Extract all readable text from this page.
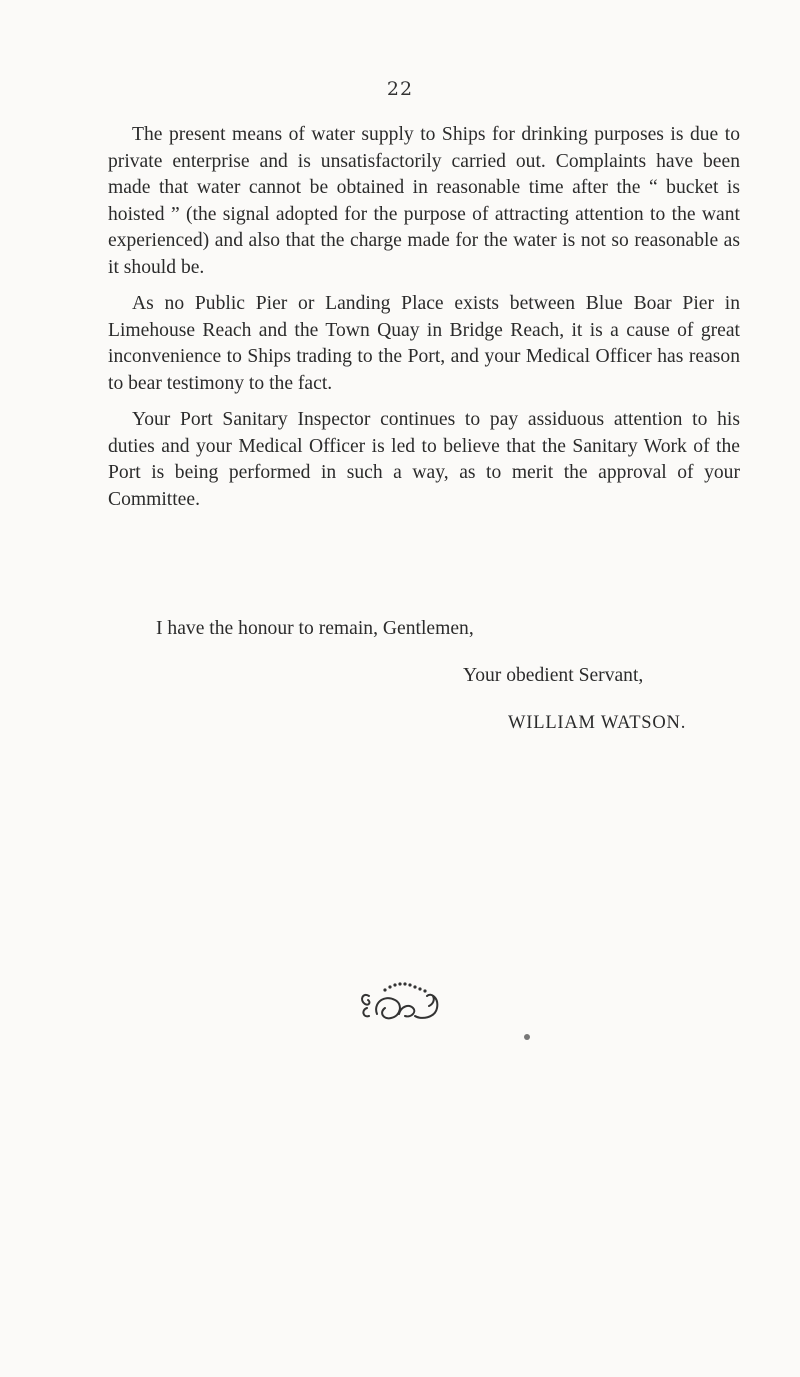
22

The present means of water supply to Ships for drinking purposes is due to private enterprise and is unsatisfactorily carried out. Complaints have been made that water cannot be obtained in reasonable time after the “ bucket is hoisted ” (the signal adopted for the purpose of attracting attention to the want experienced) and also that the charge made for the water is not so reasonable as it should be.

As no Public Pier or Landing Place exists between Blue Boar Pier in Limehouse Reach and the Town Quay in Bridge Reach, it is a cause of great inconvenience to Ships trading to the Port, and your Medical Officer has reason to bear testimony to the fact.

Your Port Sanitary Inspector continues to pay assiduous attention to his duties and your Medical Officer is led to believe that the Sanitary Work of the Port is being performed in such a way, as to merit the approval of your Committee.

I have the honour to remain, Gentlemen,
Your obedient Servant,
WILLIAM WATSON.
